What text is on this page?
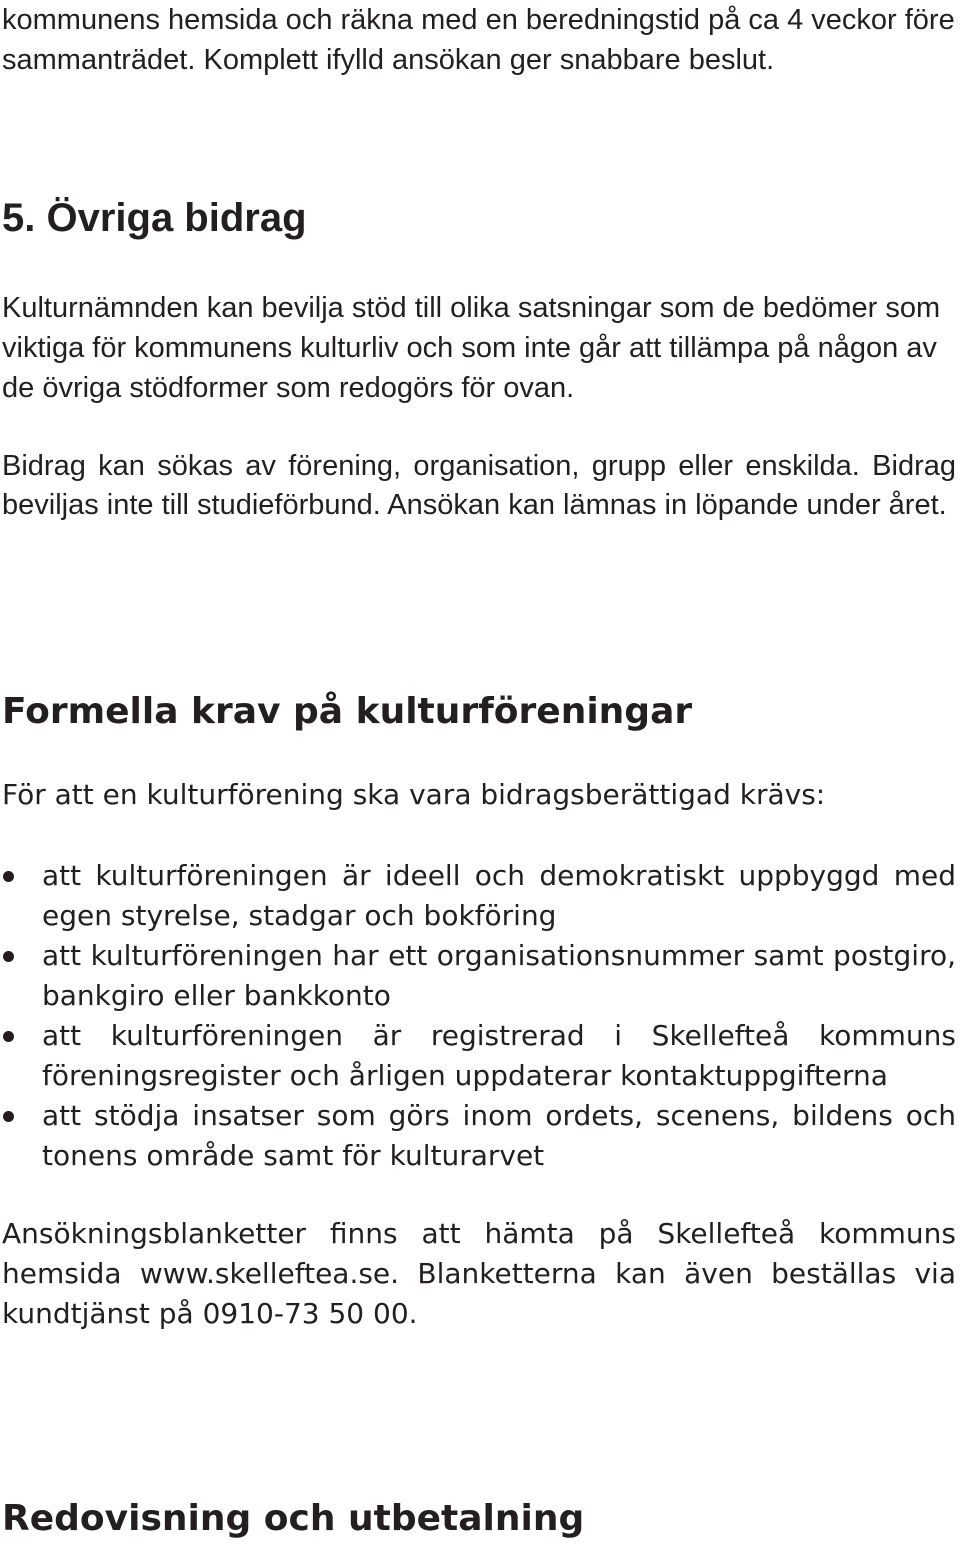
kommunens hemsida och räkna med en beredningstid på ca 4 veckor före sammanträdet. Komplett ifylld ansökan ger snabbare beslut.

5. Övriga bidrag

Kulturnämnden kan bevilja stöd till olika satsningar som de bedömer som viktiga för kommunens kulturliv och som inte går att tillämpa på någon av de övriga stödformer som redogörs för ovan.

Bidrag kan sökas av förening, organisation, grupp eller enskilda. Bidrag beviljas inte till studieförbund. Ansökan kan lämnas in löpande under året.

Formella krav på kulturföreningar

För att en kulturförening ska vara bidragsberättigad krävs:

att kulturföreningen är ideell och demokratiskt uppbyggd med egen styrelse, stadgar och bokföring
att kulturföreningen har ett organisationsnummer samt postgiro, bankgiro eller bankkonto
att kulturföreningen är registrerad i Skellefteå kommuns föreningsregister och årligen uppdaterar kontaktuppgifterna
att stödja insatser som görs inom ordets, scenens, bildens och tonens område samt för kulturarvet

Ansökningsblanketter finns att hämta på Skellefteå kommuns hemsida www.skelleftea.se. Blanketterna kan även beställas via kundtjänst på 0910-73 50 00.

Redovisning och utbetalning
